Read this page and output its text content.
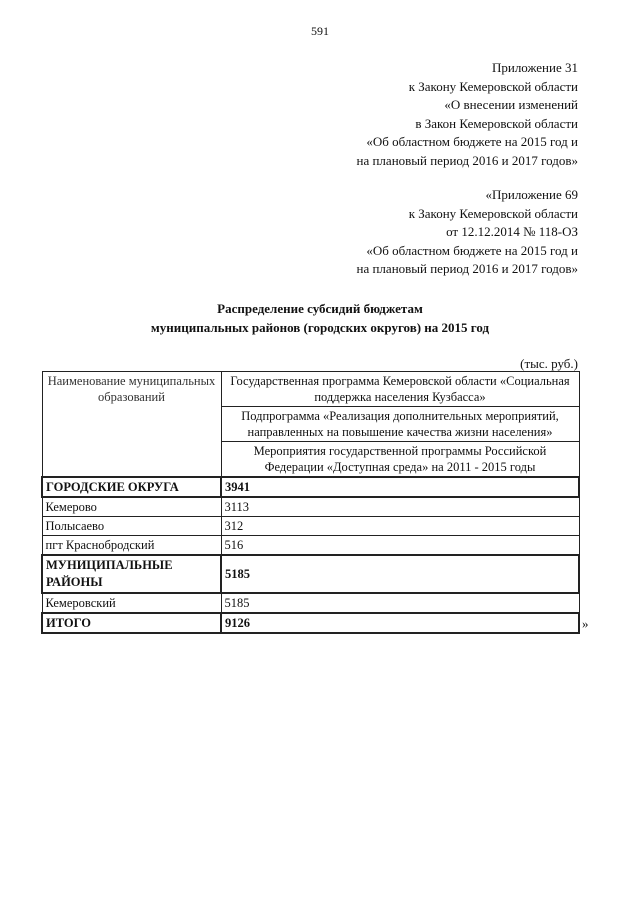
591
Приложение 31
к Закону Кемеровской области
«О внесении изменений
в Закон Кемеровской области
«Об областном бюджете на 2015 год и
на плановый период 2016 и 2017 годов»
«Приложение 69
к Закону Кемеровской области
от 12.12.2014 № 118-ОЗ
«Об областном бюджете на 2015 год и
на плановый период 2016 и 2017 годов»
Распределение субсидий бюджетам
муниципальных районов (городских округов) на 2015 год
(тыс. руб.)
Наименование муниципальных образований	Государственная программа Кемеровской области «Социальная поддержка населения Кузбасса»
	Подпрограмма «Реализация дополнительных мероприятий, направленных на повышение качества жизни населения»
	Мероприятия государственной программы Российской Федерации «Доступная среда» на 2011 - 2015 годы
ГОРОДСКИЕ ОКРУГА	3941
Кемерово	3113
Полысаево	312
пгт Краснобродский	516
МУНИЦИПАЛЬНЫЕ РАЙОНЫ	5185
Кемеровский	5185
ИТОГО	9126	»
